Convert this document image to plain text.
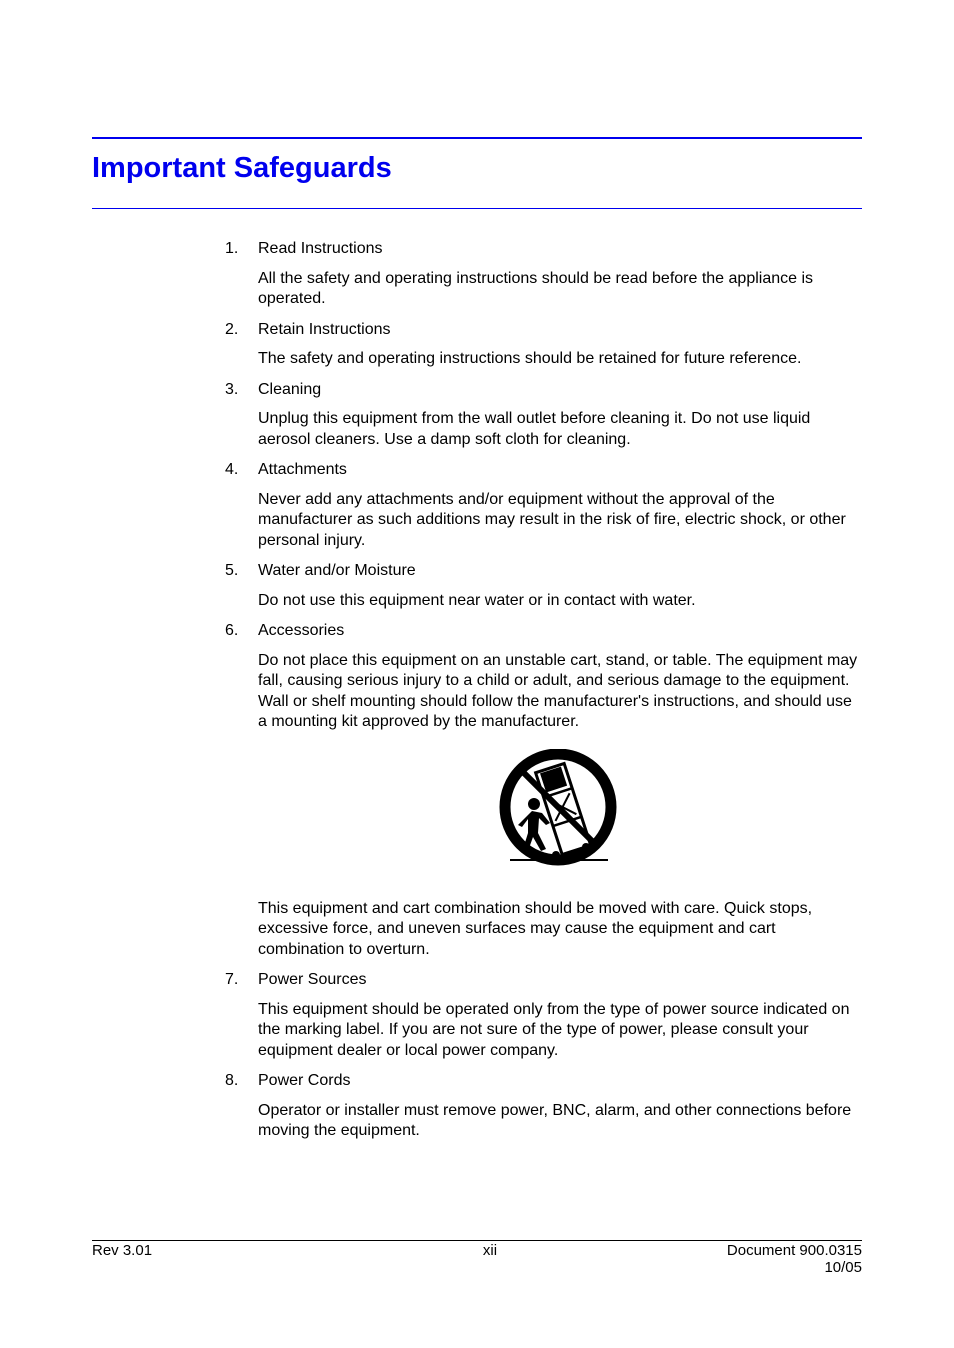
Important Safeguards

1. Read Instructions

All the safety and operating instructions should be read before the appliance is operated.

2. Retain Instructions

The safety and operating instructions should be retained for future reference.

3. Cleaning

Unplug this equipment from the wall outlet before cleaning it. Do not use liquid aerosol cleaners. Use a damp soft cloth for cleaning.

4. Attachments

Never add any attachments and/or equipment without the approval of the manufacturer as such additions may result in the risk of fire, electric shock, or other personal injury.

5. Water and/or Moisture

Do not use this equipment near water or in contact with water.

6. Accessories

Do not place this equipment on an unstable cart, stand, or table. The equipment may fall, causing serious injury to a child or adult, and serious damage to the equipment. Wall or shelf mounting should follow the manufacturer's instructions, and should use a mounting kit approved by the manufacturer.

This equipment and cart combination should be moved with care. Quick stops, excessive force, and uneven surfaces may cause the equipment and cart combination to overturn.

7. Power Sources

This equipment should be operated only from the type of power source indicated on the marking label. If you are not sure of the type of power, please consult your equipment dealer or local power company.

8. Power Cords

Operator or installer must remove power, BNC, alarm, and other connections before moving the equipment.

Rev 3.01	xii	Document 900.0315
10/05
